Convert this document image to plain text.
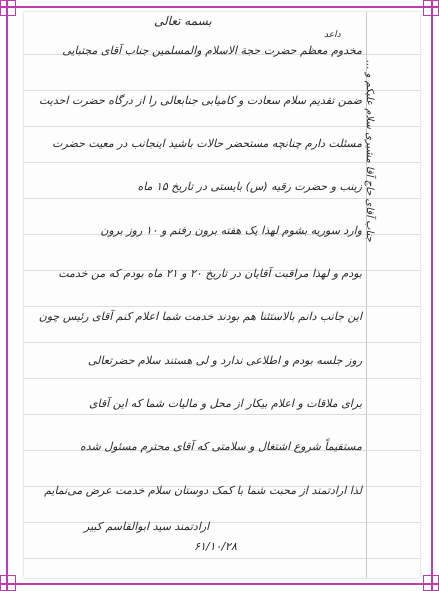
بسمه تعالی
داعد
مخدوم معظم حضرت حجة الاسلام والمسلمین جناب آقای مجتبایی
ضمن تقدیم سلام سعادت و کامیابی جنابعالی را از درگاه حضرت احدیت
مسئلت دارم چنانچه مستحضر حالات باشید اینجانب در معیت حضرت
زینب و حضرت رقیه (س) بایستی در تاریخ ۱۵ ماه
وارد سوریه بشوم لهذا یک هفته برون رفتم و ۱۰ روز برون
بودم و لهذا مراقبت آقایان در تاریخ ۲۰ و ۲۱ ماه بودم که من خدمت
این جانب دانم بالاستثنا هم بودند خدمت شما اعلام کنم آقای رئیس چون
روز جلسه بودم و اطلاعی ندارد و لی هستند سلام حضرتعالی
برای ملاقات و اعلام بیکار از محل و مالیات شما که این آقای
مستقیماً شروع اشتغال و سلامتی که آقای محترم مسئول شده
لذا ارادتمند از محبت شما با کمک دوستان سلام خدمت عرض می‌نمایم
ارادتمند سید ابوالقاسم کبیر
۶۱/۱۰/۲۸
جناب آقای حاج آقا مشیری سلام علیکم و ...
